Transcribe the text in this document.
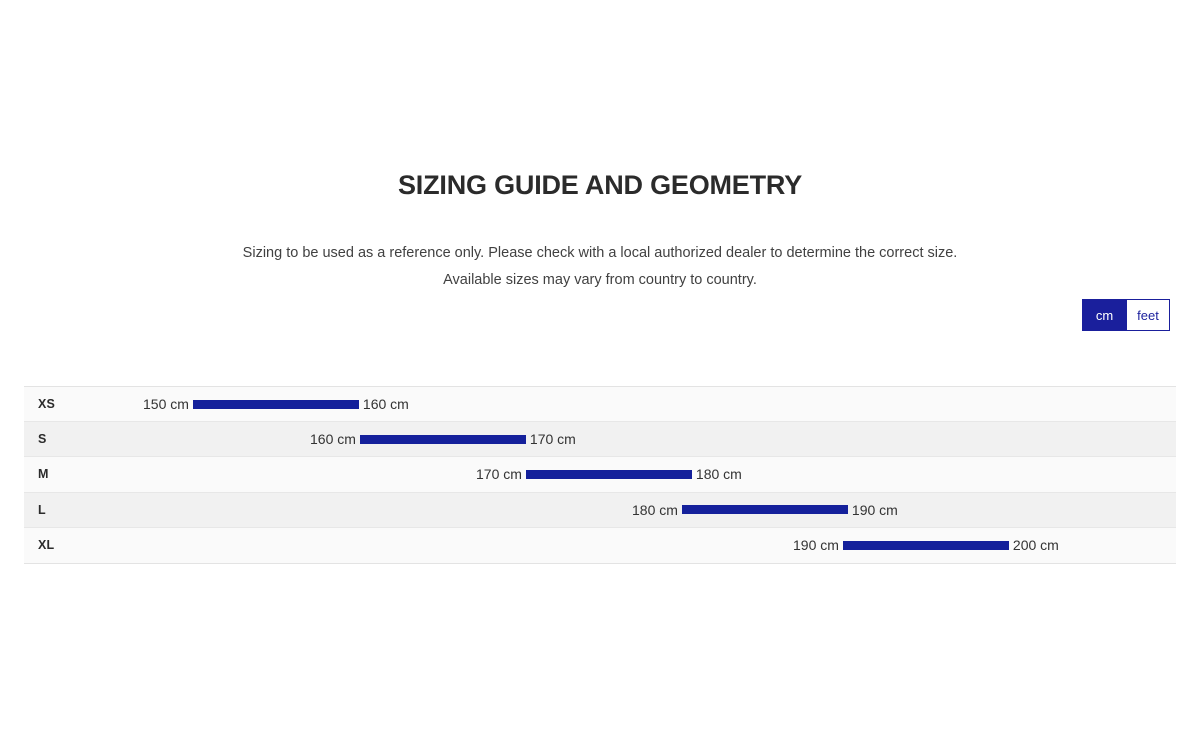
SIZING GUIDE AND GEOMETRY
Sizing to be used as a reference only. Please check with a local authorized dealer to determine the correct size.
Available sizes may vary from country to country.
cm	feet
XS	150 cm	160 cm
S	160 cm	170 cm
M	170 cm	180 cm
L	180 cm	190 cm
XL	190 cm	200 cm
